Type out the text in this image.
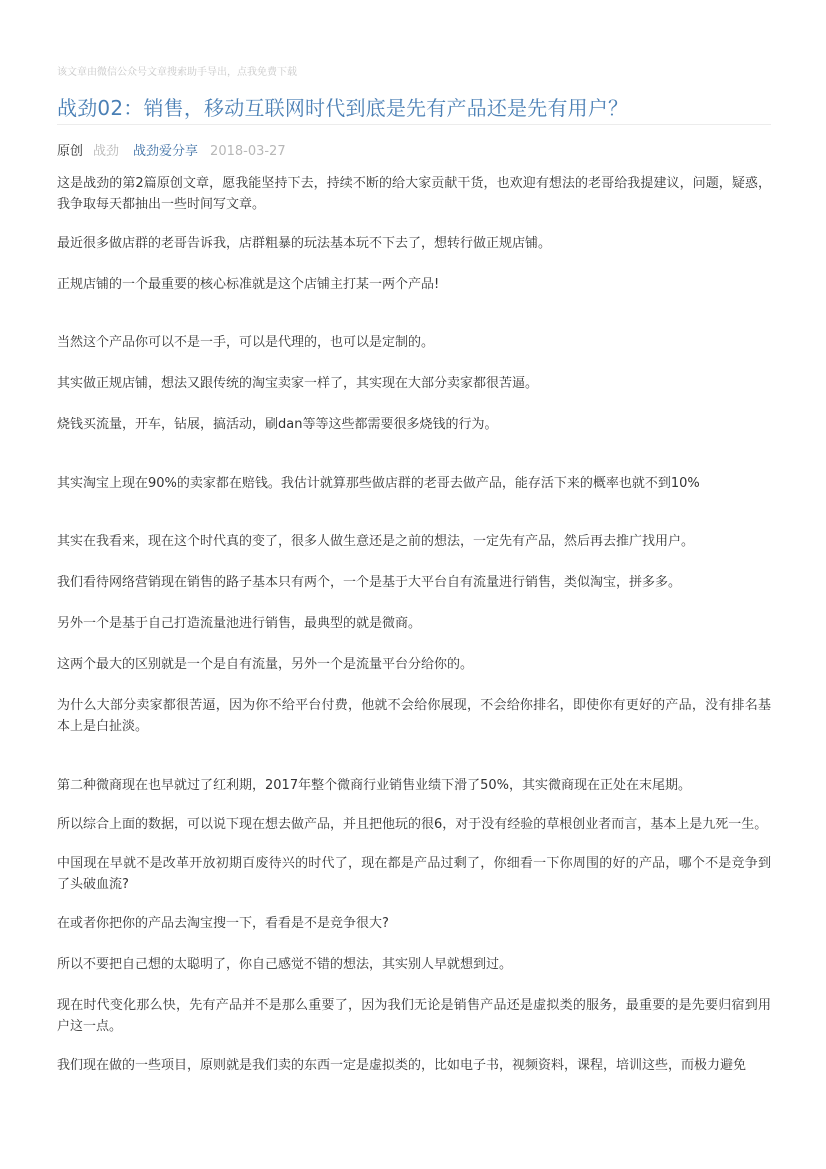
该文章由微信公众号文章搜索助手导出，点我免费下载
战劲02：销售，移动互联网时代到底是先有产品还是先有用户？
原创 战劲 战劲爱分享 2018-03-27

这是战劲的第2篇原创文章，愿我能坚持下去，持续不断的给大家贡献干货，也欢迎有想法的老哥给我提建议，问题，疑惑，我争取每天都抽出一些时间写文章。

最近很多做店群的老哥告诉我，店群粗暴的玩法基本玩不下去了，想转行做正规店铺。

正规店铺的一个最重要的核心标准就是这个店铺主打某一两个产品!

当然这个产品你可以不是一手，可以是代理的，也可以是定制的。

其实做正规店铺，想法又跟传统的淘宝卖家一样了，其实现在大部分卖家都很苦逼。

烧钱买流量，开车，钻展，搞活动，刷dan等等这些都需要很多烧钱的行为。

其实淘宝上现在90%的卖家都在赔钱。我估计就算那些做店群的老哥去做产品，能存活下来的概率也就不到10%

其实在我看来，现在这个时代真的变了，很多人做生意还是之前的想法，一定先有产品，然后再去推广找用户。

我们看待网络营销现在销售的路子基本只有两个，一个是基于大平台自有流量进行销售，类似淘宝，拼多多。

另外一个是基于自己打造流量池进行销售，最典型的就是微商。

这两个最大的区别就是一个是自有流量，另外一个是流量平台分给你的。

为什么大部分卖家都很苦逼，因为你不给平台付费，他就不会给你展现，不会给你排名，即使你有更好的产品，没有排名基本上是白扯淡。

第二种微商现在也早就过了红利期，2017年整个微商行业销售业绩下滑了50%，其实微商现在正处在末尾期。

所以综合上面的数据，可以说下现在想去做产品，并且把他玩的很6，对于没有经验的草根创业者而言，基本上是九死一生。

中国现在早就不是改革开放初期百废待兴的时代了，现在都是产品过剩了，你细看一下你周围的好的产品，哪个不是竞争到了头破血流?

在或者你把你的产品去淘宝搜一下，看看是不是竞争很大?

所以不要把自己想的太聪明了，你自己感觉不错的想法，其实别人早就想到过。

现在时代变化那么快，先有产品并不是那么重要了，因为我们无论是销售产品还是虚拟类的服务，最重要的是先要归宿到用户这一点。

我们现在做的一些项目，原则就是我们卖的东西一定是虚拟类的，比如电子书，视频资料，课程，培训这些，而极力避免
